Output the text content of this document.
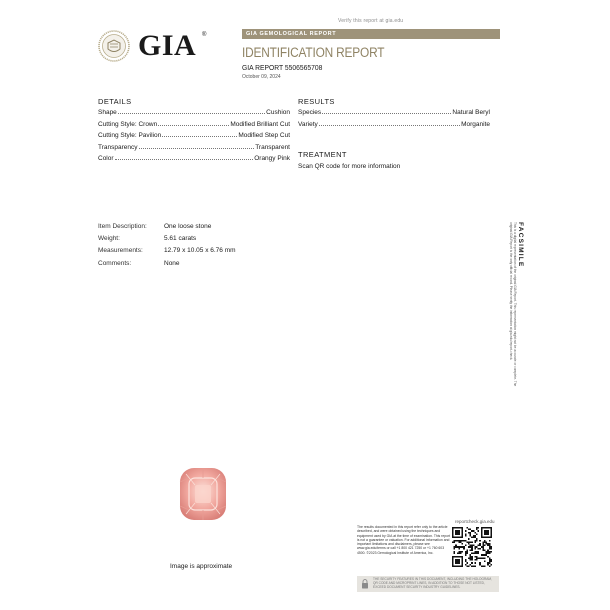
Verify this report at gia.edu
GIA ®	GIA GEMOLOGICAL REPORT
IDENTIFICATION REPORT
GIA REPORT 5506565708
October 09, 2024
DETAILS
Shape	Cushion
Cutting Style: Crown	Modified Brilliant Cut
Cutting Style: Pavilion	Modified Step Cut
Transparency	Transparent
Color	Orangy Pink
RESULTS
Species	Natural Beryl
Variety	Morganite
TREATMENT
Scan QR code for more information
Item Description:	One loose stone
Weight:	5.61 carats
Measurements:	12.79 x 10.05 x 6.76 mm
Comments:	None	FACSIMILE
This is a digital representation of the original GIA Report. This representation might not be accurate or complete. The original GIA Report is the only official record. Please verify the information at gia.edu/report-check.
Image is approximate
The results documented in this report refer only to the article described, and were obtained using the techniques and equipment used by GIA at the time of examination. This report is not a guarantee or valuation. For additional information and important limitations and disclaimers, please see www.gia.edu/terms or call +1 800 421 7250 or +1 760 603 4500. ©2023 Gemological Institute of America, Inc.
reportcheck.gia.edu
THE SECURITY FEATURES IN THIS DOCUMENT, INCLUDING THE HOLOGRAM, QR CODE AND MICROPRINT LINES, IN ADDITION TO THOSE NOT LISTED, EXCEED DOCUMENT SECURITY INDUSTRY GUIDELINES.
